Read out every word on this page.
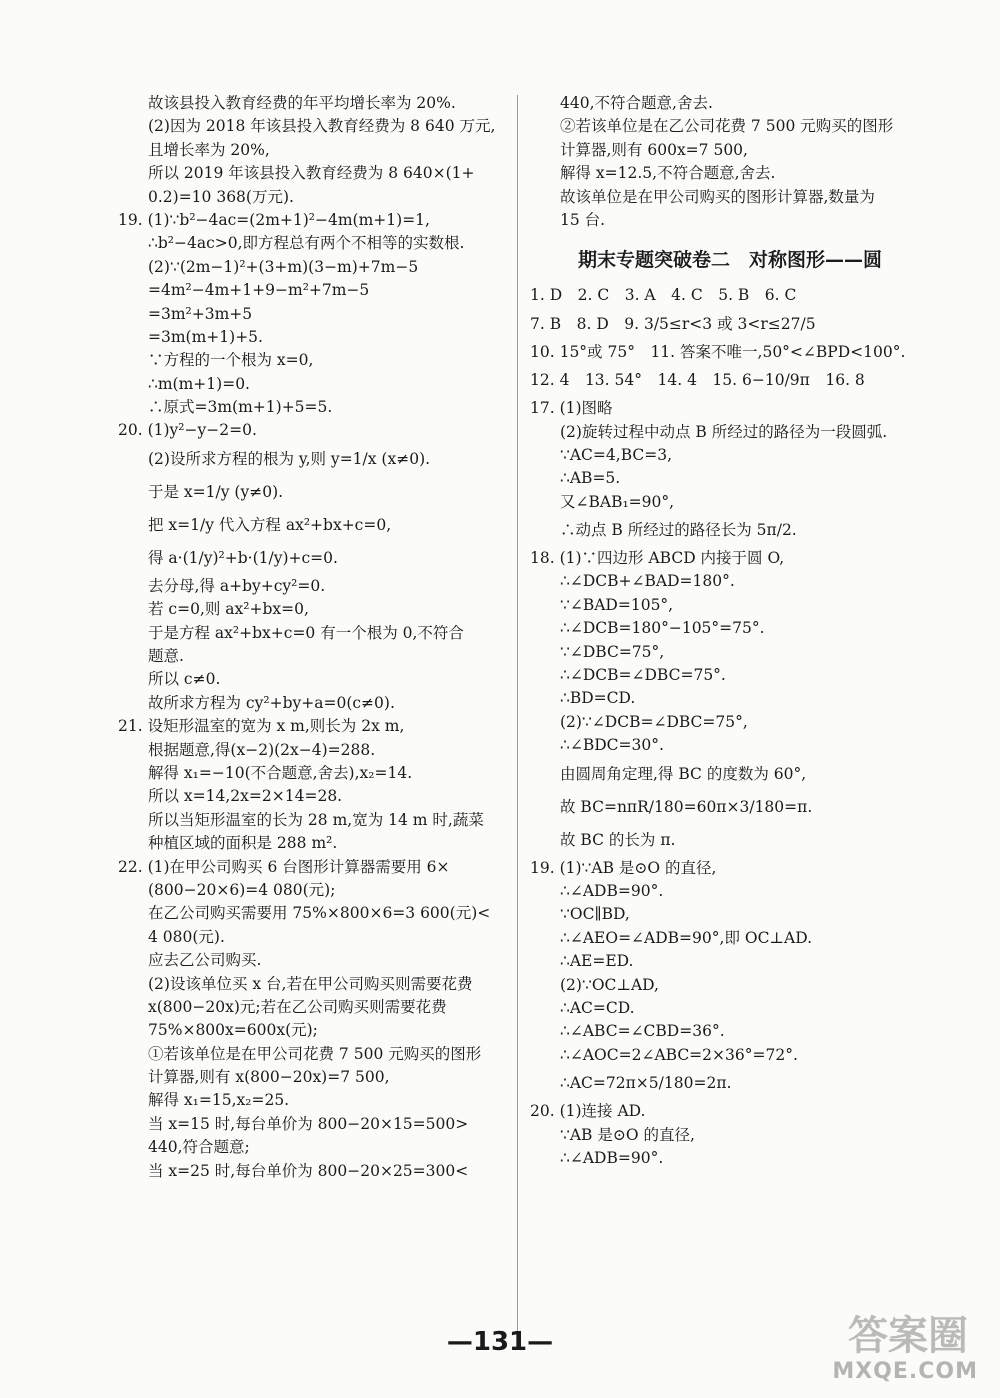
故该县投入教育经费的年平均增长率为 20%.
(2)因为 2018 年该县投入教育经费为 8 640 万元,
且增长率为 20%,
所以 2019 年该县投入教育经费为 8 640×(1+
0.2)=10 368(万元).
19. (1)∵b²−4ac=(2m+1)²−4m(m+1)=1,
∴b²−4ac>0,即方程总有两个不相等的实数根.
(2)∵(2m−1)²+(3+m)(3−m)+7m−5
=4m²−4m+1+9−m²+7m−5
=3m²+3m+5
=3m(m+1)+5.
∵方程的一个根为 x=0,
∴m(m+1)=0.
∴原式=3m(m+1)+5=5.
20. (1)y²−y−2=0.
(2)设所求方程的根为 y,则 y=1/x (x≠0).
于是 x=1/y (y≠0).
把 x=1/y 代入方程 ax²+bx+c=0,
得 a·(1/y)²+b·(1/y)+c=0.
去分母,得 a+by+cy²=0.
若 c=0,则 ax²+bx=0,
于是方程 ax²+bx+c=0 有一个根为 0,不符合
题意.
所以 c≠0.
故所求方程为 cy²+by+a=0(c≠0).
21. 设矩形温室的宽为 x m,则长为 2x m,
根据题意,得(x−2)(2x−4)=288.
解得 x₁=−10(不合题意,舍去),x₂=14.
所以 x=14,2x=2×14=28.
所以当矩形温室的长为 28 m,宽为 14 m 时,蔬菜
种植区域的面积是 288 m².
22. (1)在甲公司购买 6 台图形计算器需要用 6×
(800−20×6)=4 080(元);
在乙公司购买需要用 75%×800×6=3 600(元)<
4 080(元).
应去乙公司购买.
(2)设该单位买 x 台,若在甲公司购买则需要花费
x(800−20x)元;若在乙公司购买则需要花费
75%×800x=600x(元);
①若该单位是在甲公司花费 7 500 元购买的图形
计算器,则有 x(800−20x)=7 500,
解得 x₁=15,x₂=25.
当 x=15 时,每台单价为 800−20×15=500>
440,符合题意;
当 x=25 时,每台单价为 800−20×25=300<
440,不符合题意,舍去.
②若该单位是在乙公司花费 7 500 元购买的图形
计算器,则有 600x=7 500,
解得 x=12.5,不符合题意,舍去.
故该单位是在甲公司购买的图形计算器,数量为
15 台.
期末专题突破卷二　对称图形——圆
1. D　2. C　3. A　4. C　5. B　6. C
7. B　8. D　9. 3/5≤r<3 或 3<r≤27/5
10. 15°或 75°　11. 答案不唯一,50°<∠BPD<100°.
12. 4　13. 54°　14. 4　15. 6−10/9π　16. 8
17. (1)图略
(2)旋转过程中动点 B 所经过的路径为一段圆弧.
∵AC=4,BC=3,
∴AB=5.
又∠BAB₁=90°,
∴动点 B 所经过的路径长为 5π/2.
18. (1)∵四边形 ABCD 内接于圆 O,
∴∠DCB+∠BAD=180°.
∵∠BAD=105°,
∴∠DCB=180°−105°=75°.
∵∠DBC=75°,
∴∠DCB=∠DBC=75°.
∴BD=CD.
(2)∵∠DCB=∠DBC=75°,
∴∠BDC=30°.
由圆周角定理,得 BC 的度数为 60°,
故 BC=nπR/180=60π×3/180=π.
故 BC 的长为 π.
19. (1)∵AB 是⊙O 的直径,
∴∠ADB=90°.
∵OC∥BD,
∴∠AEO=∠ADB=90°,即 OC⊥AD.
∴AE=ED.
(2)∵OC⊥AD,
∴AC=CD.
∴∠ABC=∠CBD=36°.
∴∠AOC=2∠ABC=2×36°=72°.
∴AC=72π×5/180=2π.
20. (1)连接 AD.
∵AB 是⊙O 的直径,
∴∠ADB=90°.
—131—	答案圈
MXQE.COM
